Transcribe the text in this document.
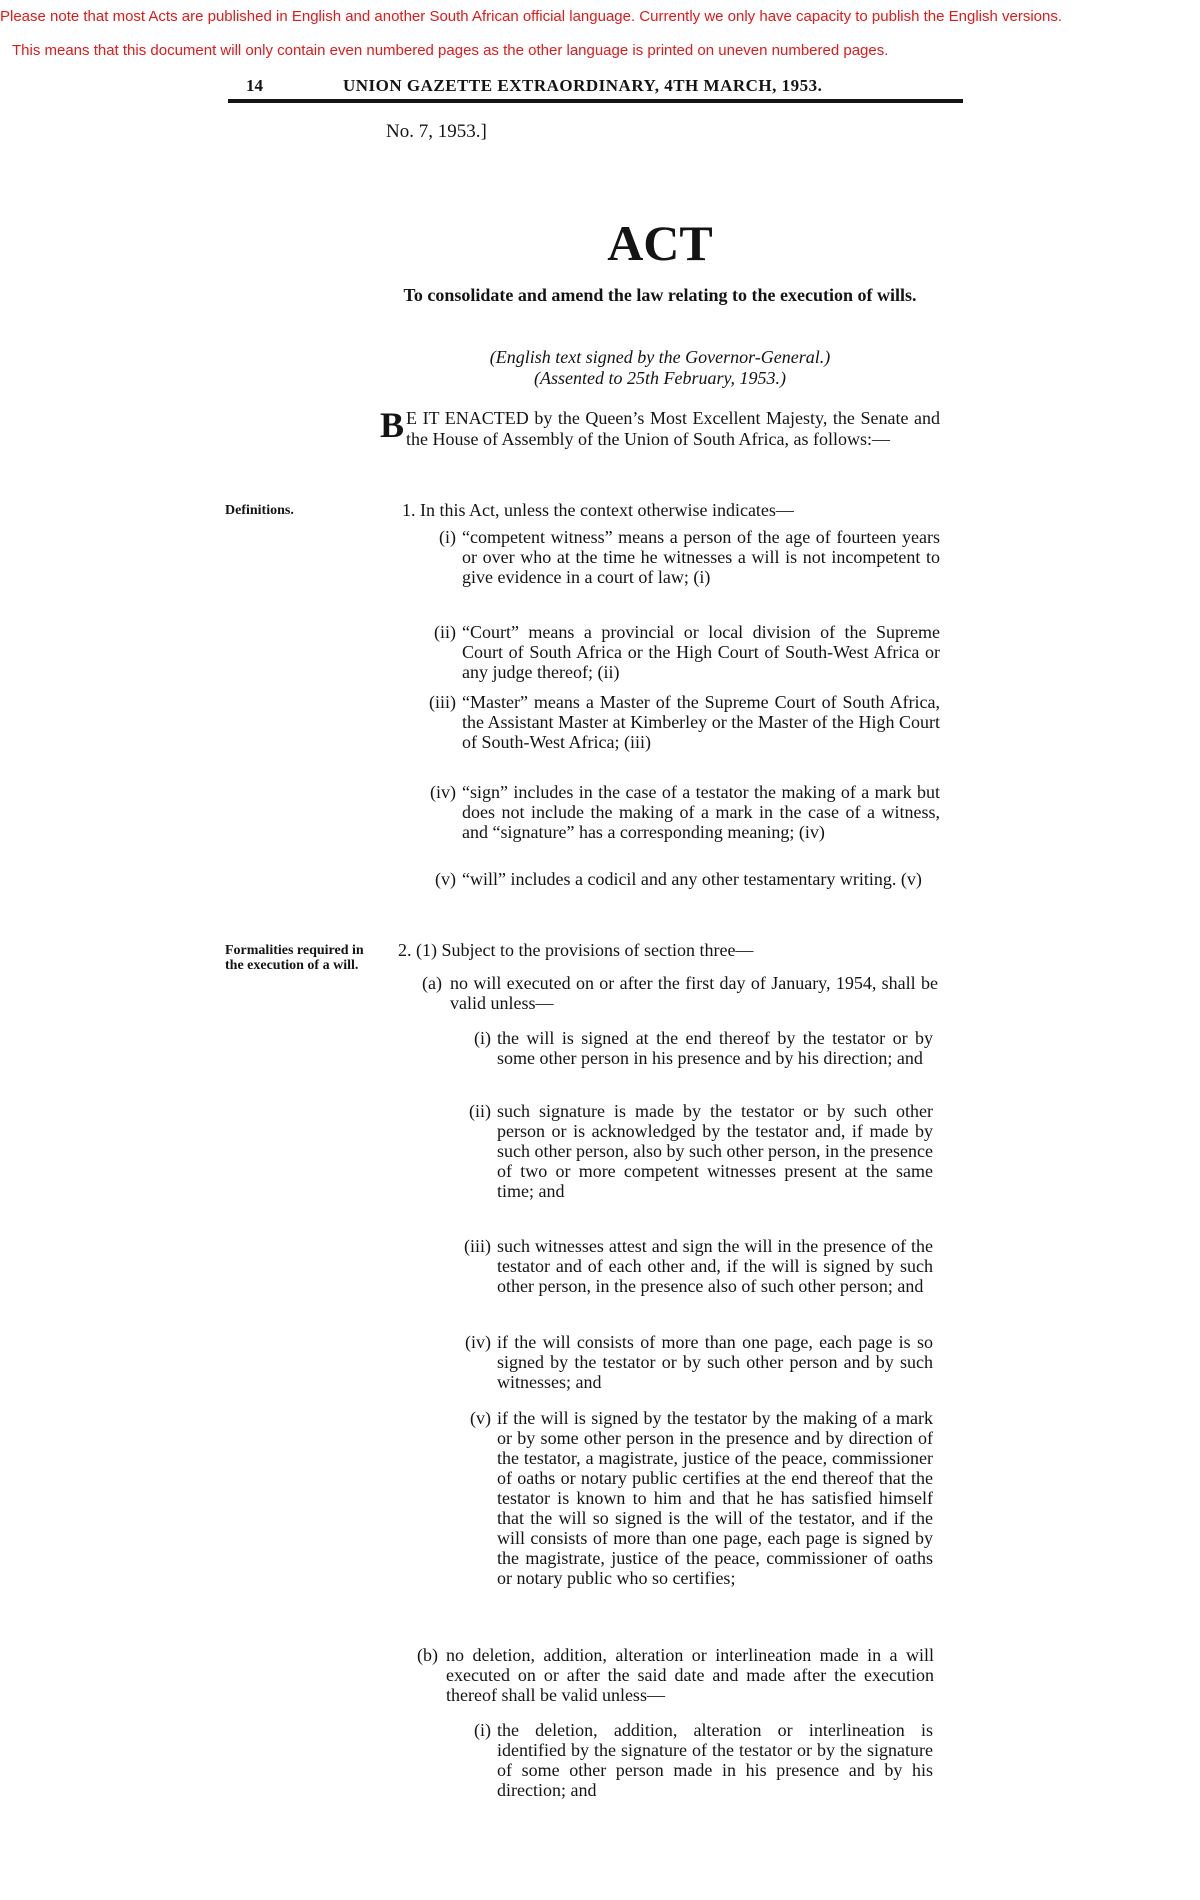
Please note that most Acts are published in English and another South African official language. Currently we only have capacity to publish the English versions.
This means that this document will only contain even numbered pages as the other language is printed on uneven numbered pages.
14	UNION GAZETTE EXTRAORDINARY, 4TH MARCH, 1953.
No. 7, 1953.]
ACT
To consolidate and amend the law relating to the execution of wills.
(English text signed by the Governor-General.)
(Assented to 25th February, 1953.)
B E IT ENACTED by the Queen’s Most Excellent Majesty, the Senate and the House of Assembly of the Union of South Africa, as follows:—
Definitions.
Formalities required in the execution of a will.
1. In this Act, unless the context otherwise indicates—
(i) “competent witness” means a person of the age of fourteen years or over who at the time he witnesses a will is not incompetent to give evidence in a court of law; (i)
(ii) “Court” means a provincial or local division of the Supreme Court of South Africa or the High Court of South-West Africa or any judge thereof; (ii)
(iii) “Master” means a Master of the Supreme Court of South Africa, the Assistant Master at Kimberley or the Master of the High Court of South-West Africa; (iii)
(iv) “sign” includes in the case of a testator the making of a mark but does not include the making of a mark in the case of a witness, and “signature” has a corresponding meaning; (iv)
(v) “will” includes a codicil and any other testamentary writing. (v)
2. (1) Subject to the provisions of section three—
(a) no will executed on or after the first day of January, 1954, shall be valid unless—
(i) the will is signed at the end thereof by the testator or by some other person in his presence and by his direction; and
(ii) such signature is made by the testator or by such other person or is acknowledged by the testator and, if made by such other person, also by such other person, in the presence of two or more competent witnesses present at the same time; and
(iii) such witnesses attest and sign the will in the presence of the testator and of each other and, if the will is signed by such other person, in the presence also of such other person; and
(iv) if the will consists of more than one page, each page is so signed by the testator or by such other person and by such witnesses; and
(v) if the will is signed by the testator by the making of a mark or by some other person in the presence and by direction of the testator, a magistrate, justice of the peace, commissioner of oaths or notary public certifies at the end thereof that the testator is known to him and that he has satisfied himself that the will so signed is the will of the testator, and if the will consists of more than one page, each page is signed by the magistrate, justice of the peace, commissioner of oaths or notary public who so certifies;
(b) no deletion, addition, alteration or interlineation made in a will executed on or after the said date and made after the execution thereof shall be valid unless—
(i) the deletion, addition, alteration or interlineation is identified by the signature of the testator or by the signature of some other person made in his presence and by his direction; and
